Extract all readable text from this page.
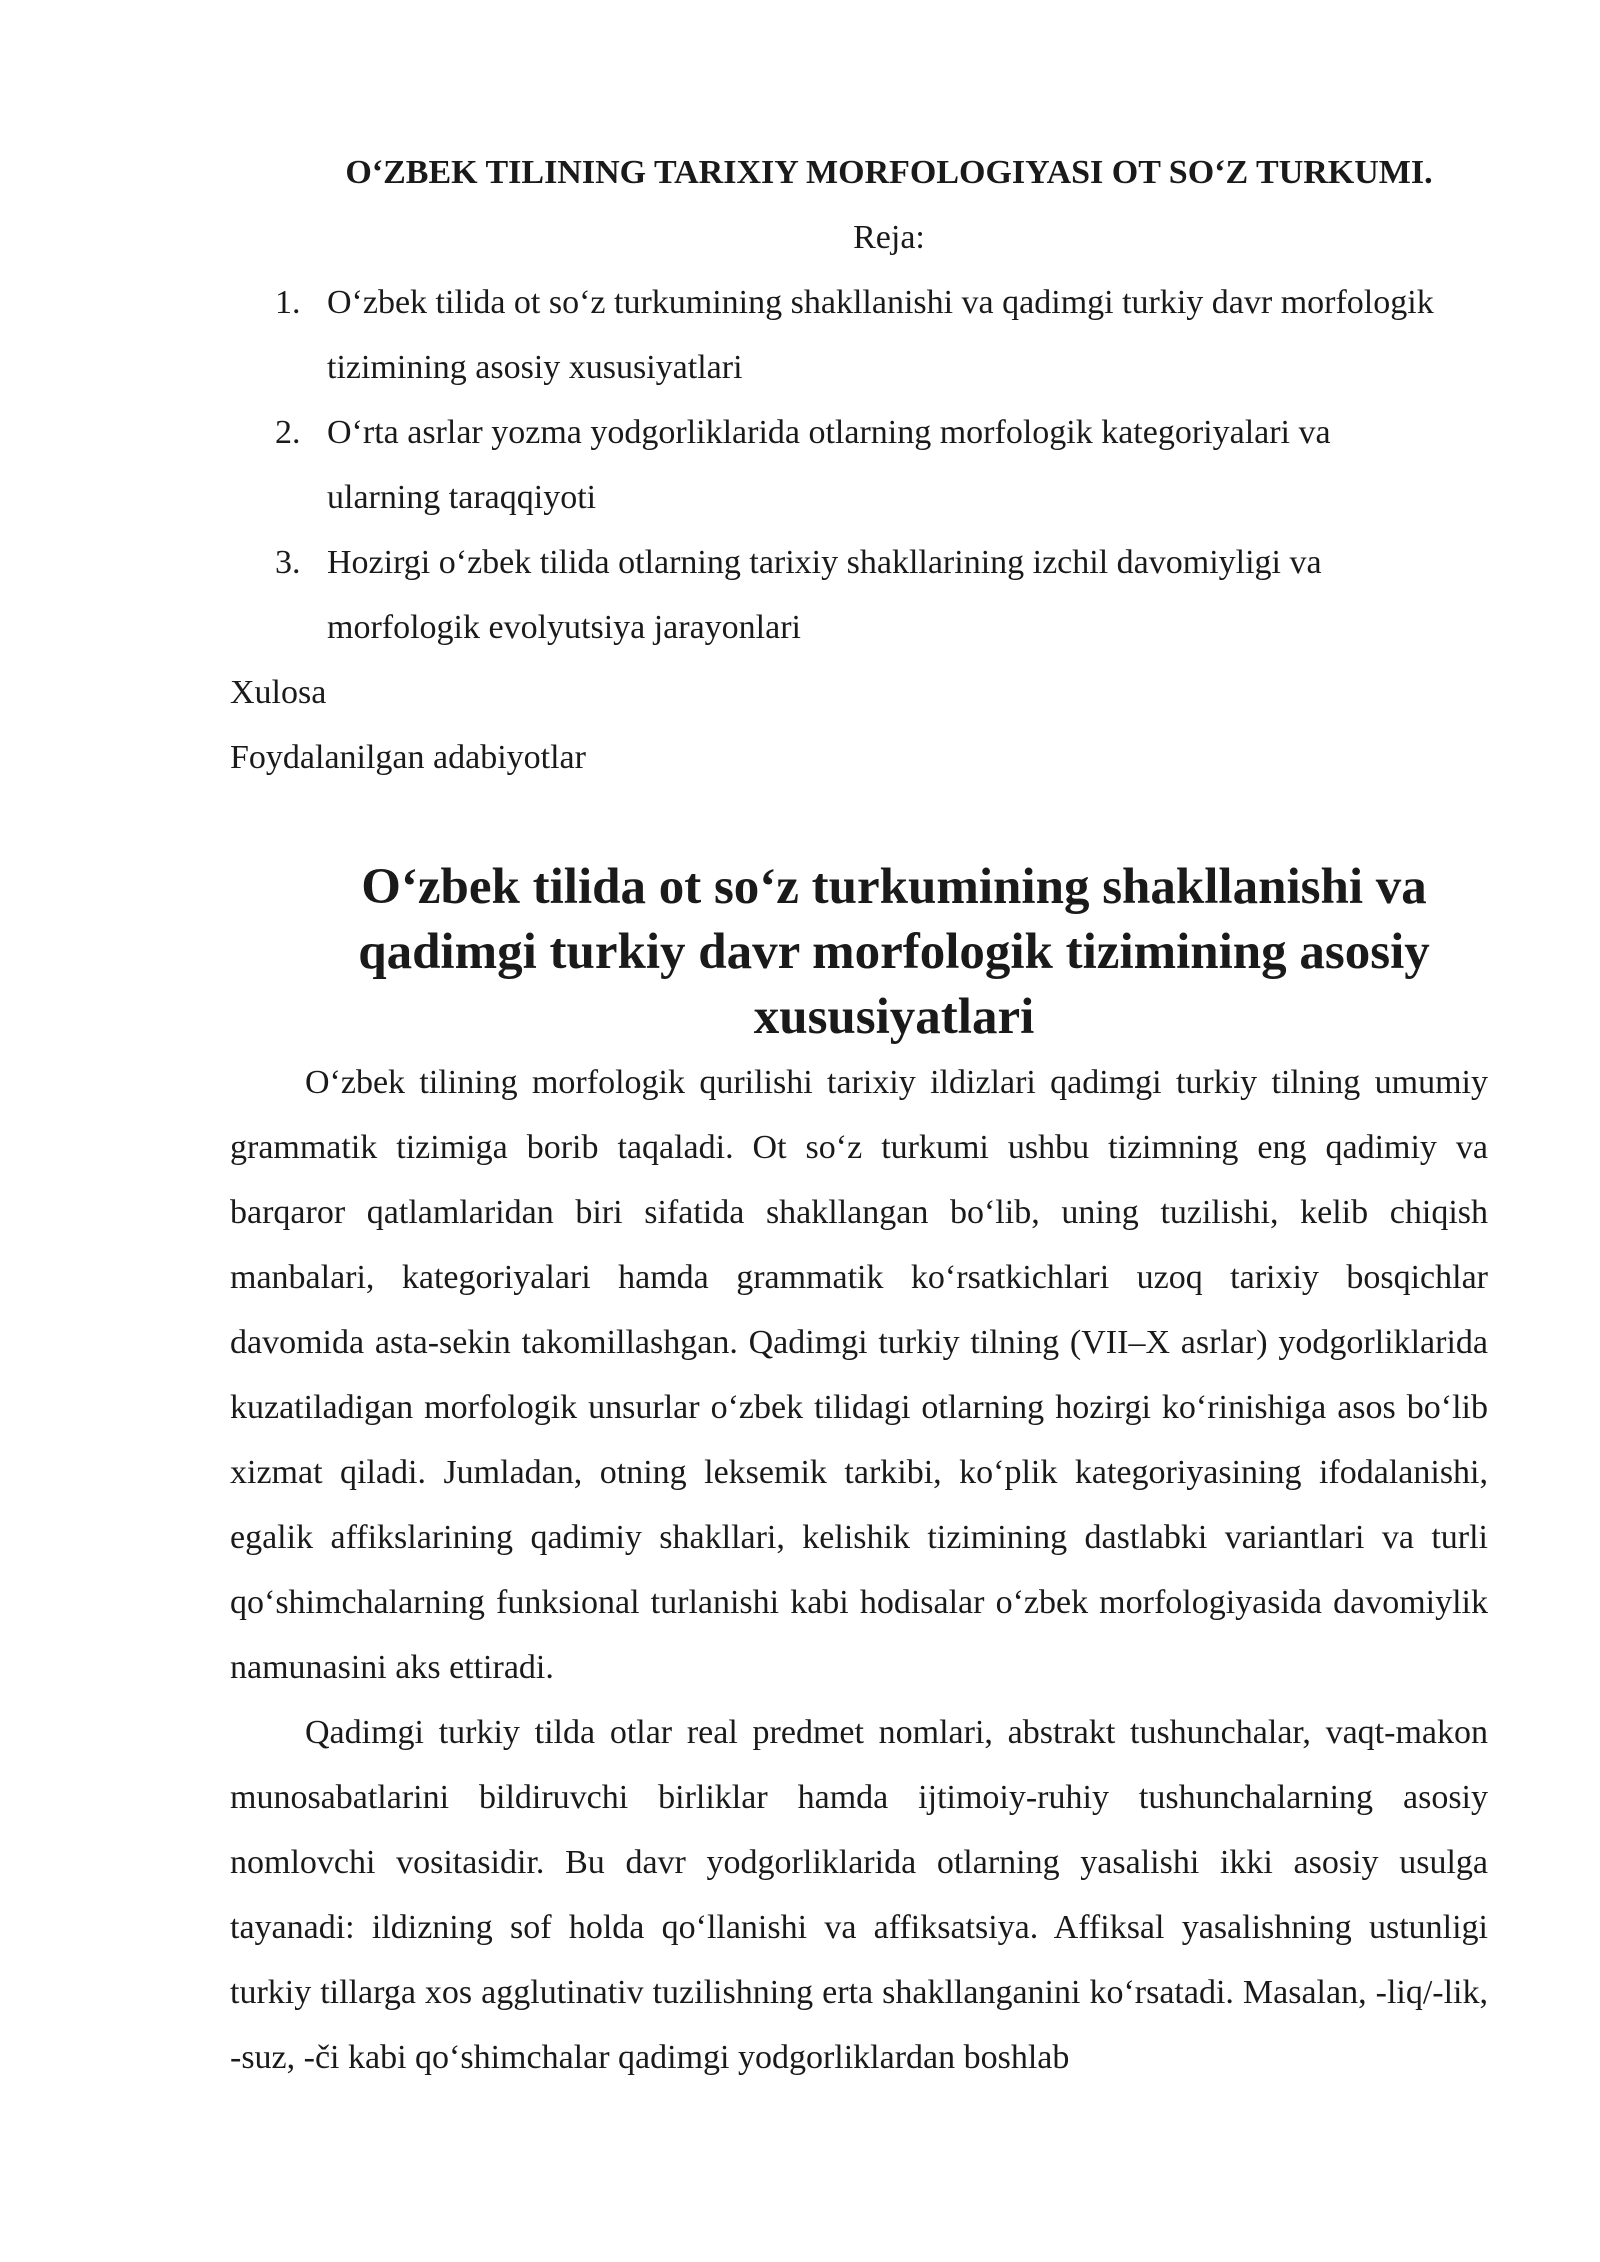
O‘ZBEK TILINING TARIXIY MORFOLOGIYASI OT SO‘Z TURKUMI.

Reja:

1. O‘zbek tilida ot so‘z turkumining shakllanishi va qadimgi turkiy davr morfologik tizimining asosiy xususiyatlari
2. O‘rta asrlar yozma yodgorliklarida otlarning morfologik kategoriyalari va ularning taraqqiyoti
3. Hozirgi o‘zbek tilida otlarning tarixiy shakllarining izchil davomiyligi va morfologik evolyutsiya jarayonlari

Xulosa

Foydalanilgan adabiyotlar

O‘zbek tilida ot so‘z turkumining shakllanishi va qadimgi turkiy davr morfologik tizimining asosiy xususiyatlari

O‘zbek tilining morfologik qurilishi tarixiy ildizlari qadimgi turkiy tilning umumiy grammatik tizimiga borib taqaladi. Ot so‘z turkumi ushbu tizimning eng qadimiy va barqaror qatlamlaridan biri sifatida shakllangan bo‘lib, uning tuzilishi, kelib chiqish manbalari, kategoriyalari hamda grammatik ko‘rsatkichlari uzoq tarixiy bosqichlar davomida asta-sekin takomillashgan. Qadimgi turkiy tilning (VII–X asrlar) yodgorliklarida kuzatiladigan morfologik unsurlar o‘zbek tilidagi otlarning hozirgi ko‘rinishiga asos bo‘lib xizmat qiladi. Jumladan, otning leksemik tarkibi, ko‘plik kategoriyasining ifodalanishi, egalik affikslarining qadimiy shakllari, kelishik tizimining dastlabki variantlari va turli qo‘shimchalarning funksional turlanishi kabi hodisalar o‘zbek morfologiyasida davomiylik namunasini aks ettiradi.

Qadimgi turkiy tilda otlar real predmet nomlari, abstrakt tushunchalar, vaqt-makon munosabatlarini bildiruvchi birliklar hamda ijtimoiy-ruhiy tushunchalarning asosiy nomlovchi vositasidir. Bu davr yodgorliklarida otlarning yasalishi ikki asosiy usulga tayanadi: ildizning sof holda qo‘llanishi va affiksatsiya. Affiksal yasalishning ustunligi turkiy tillarga xos agglutinativ tuzilishning erta shakllanganini ko‘rsatadi. Masalan, -liq/-lik, -suz, -či kabi qo‘shimchalar qadimgi yodgorliklardan boshlab
